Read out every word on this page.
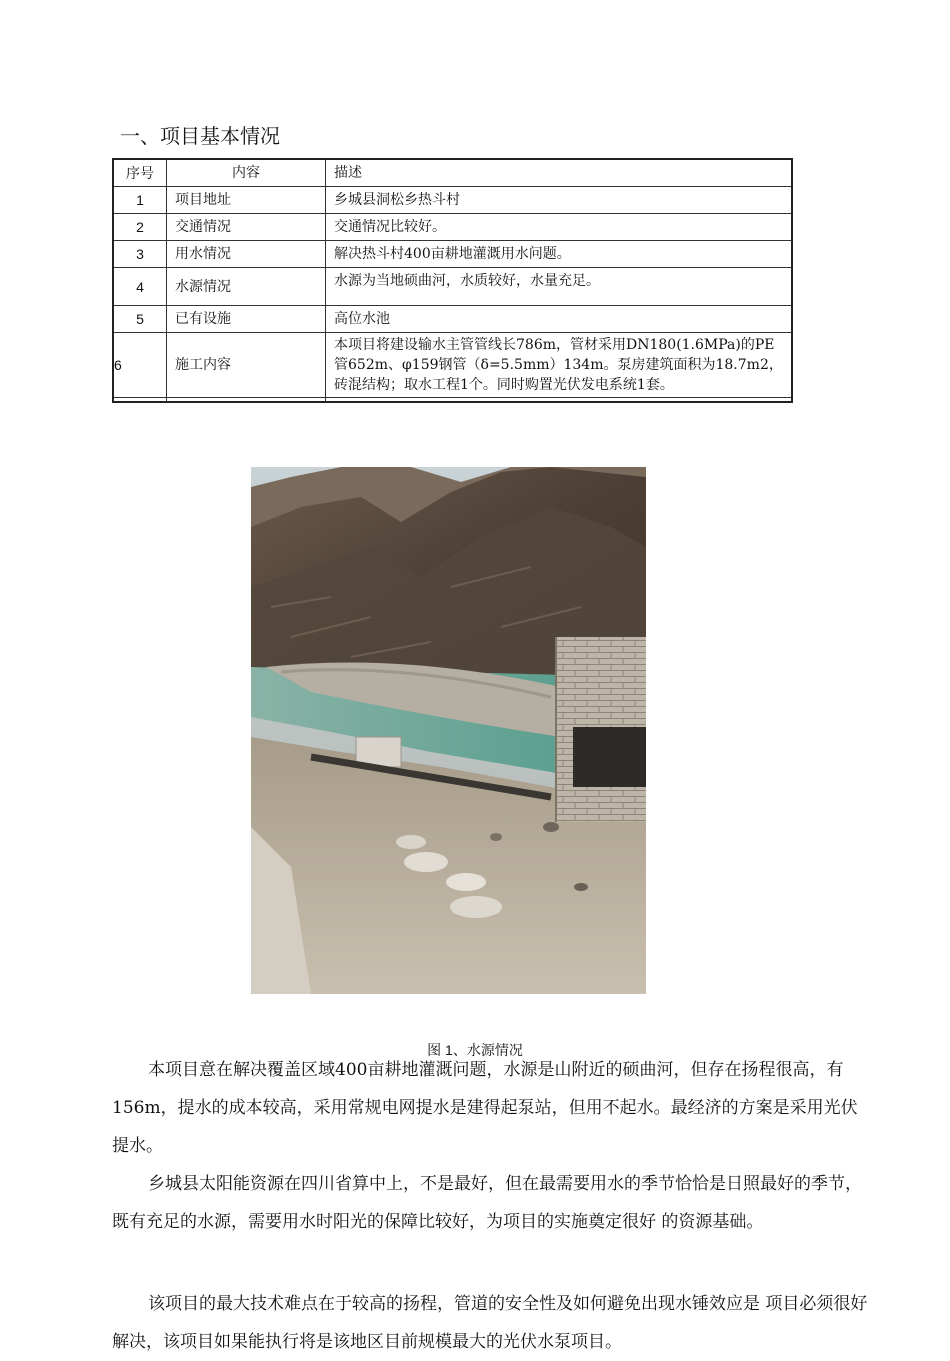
一、项目基本情况
序号	内容	描述
1	项目地址	乡城县洞松乡热斗村
2	交通情况	交通情况比较好。
3	用水情况	解决热斗村400亩耕地灌溉用水问题。
4	水源情况	水源为当地硕曲河，水质较好，水量充足。
5	已有设施	高位水池
6	施工内容	本项目将建设输水主管管线长786m，管材采用DN180(1.6MPa)的PE管652m、φ159钢管（δ=5.5mm）134m。泵房建筑面积为18.7m2，砖混结构；取水工程1个。同时购置光伏发电系统1套。

图 1、水源情况
本项目意在解决覆盖区域400亩耕地灌溉问题，水源是山附近的硕曲河，但存在扬程很高，有 156m，提水的成本较高，采用常规电网提水是建得起泵站，但用不起水。最经济的方案是采用光伏提水。
乡城县太阳能资源在四川省算中上，不是最好，但在最需要用水的季节恰恰是日照最好的季节，既有充足的水源，需要用水时阳光的保障比较好，为项目的实施奠定很好 的资源基础。
该项目的最大技术难点在于较高的扬程，管道的安全性及如何避免出现水锤效应是 项目必须很好解决，该项目如果能执行将是该地区目前规模最大的光伏水泵项目。
